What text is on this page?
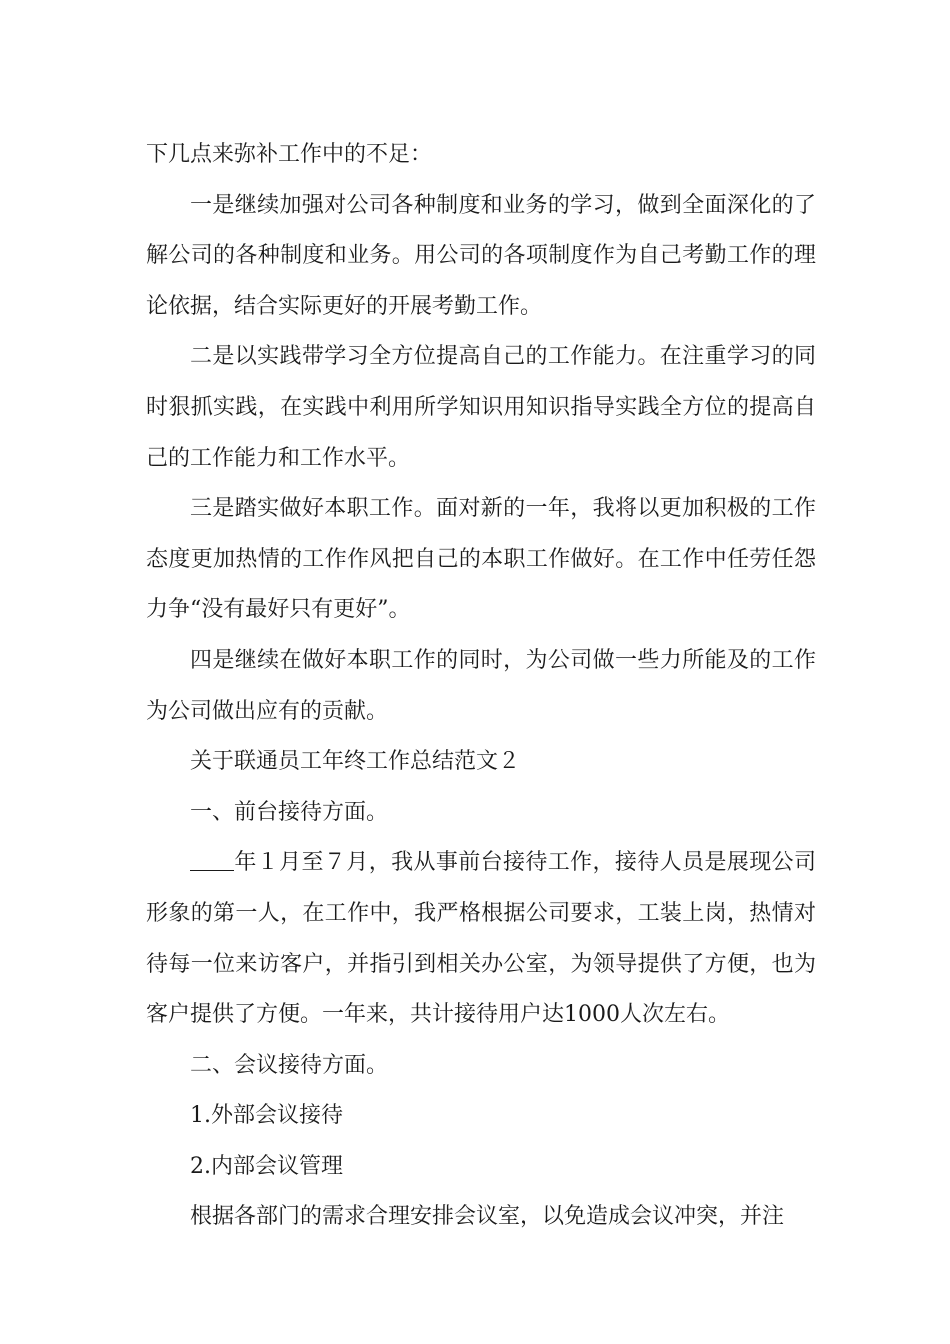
下几点来弥补工作中的不足：

一是继续加强对公司各种制度和业务的学习，做到全面深化的了解公司的各种制度和业务。用公司的各项制度作为自己考勤工作的理论依据，结合实际更好的开展考勤工作。

二是以实践带学习全方位提高自己的工作能力。在注重学习的同时狠抓实践，在实践中利用所学知识用知识指导实践全方位的提高自己的工作能力和工作水平。

三是踏实做好本职工作。面对新的一年，我将以更加积极的工作态度更加热情的工作作风把自己的本职工作做好。在工作中任劳任怨力争“没有最好只有更好”。

四是继续在做好本职工作的同时，为公司做一些力所能及的工作为公司做出应有的贡献。

关于联通员工年终工作总结范文２

一、前台接待方面。

年１月至７月，我从事前台接待工作，接待人员是展现公司形象的第一人，在工作中，我严格根据公司要求，工装上岗，热情对待每一位来访客户，并指引到相关办公室，为领导提供了方便，也为客户提供了方便。一年来，共计接待用户达1000人次左右。

二、会议接待方面。

1.外部会议接待

2.内部会议管理

根据各部门的需求合理安排会议室，以免造成会议冲突，并注
